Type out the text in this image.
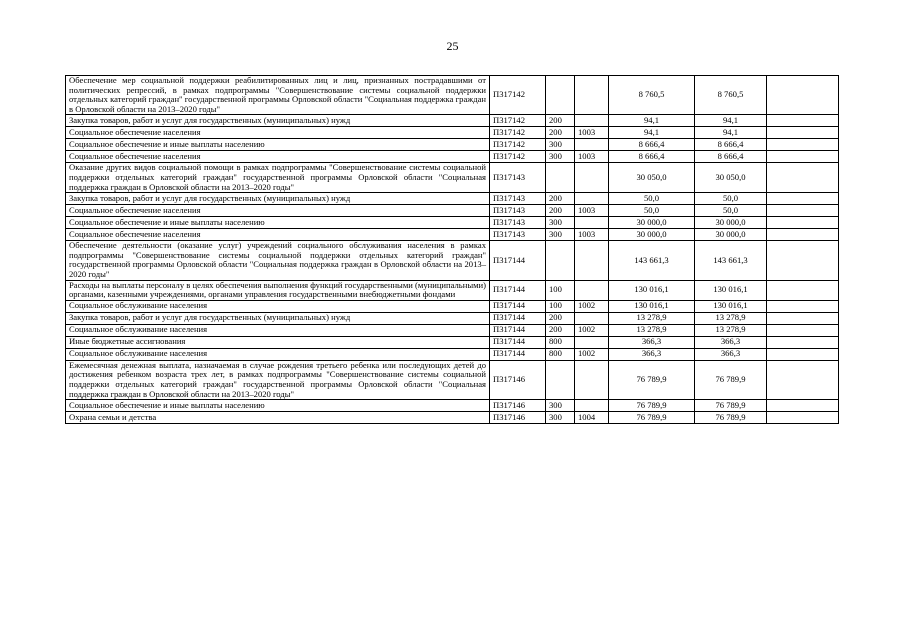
25
Обеспечение мер социальной поддержки реабилитированных лиц и лиц, признанных пострадавшими от политических репрессий, в рамках подпрограммы "Совершенствование системы социальной поддержки отдельных категорий граждан" государственной программы Орловской области "Социальная поддержка граждан в Орловской области на 2013–2020 годы"	П317142			8 760,5	8 760,5	
Закупка товаров, работ и услуг для государственных (муниципальных) нужд	П317142	200		94,1	94,1	
Социальное обеспечение населения	П317142	200	1003	94,1	94,1	
Социальное обеспечение и иные выплаты населению	П317142	300		8 666,4	8 666,4	
Социальное обеспечение населения	П317142	300	1003	8 666,4	8 666,4	
Оказание других видов социальной помощи в рамках подпрограммы "Совершенствование системы социальной поддержки отдельных категорий граждан" государственной программы Орловской области "Социальная поддержка граждан в Орловской области на 2013–2020 годы"	П317143			30 050,0	30 050,0	
Закупка товаров, работ и услуг для государственных (муниципальных) нужд	П317143	200		50,0	50,0	
Социальное обеспечение населения	П317143	200	1003	50,0	50,0	
Социальное обеспечение и иные выплаты населению	П317143	300		30 000,0	30 000,0	
Социальное обеспечение населения	П317143	300	1003	30 000,0	30 000,0	
Обеспечение деятельности (оказание услуг) учреждений социального обслуживания населения в рамках подпрограммы "Совершенствование системы социальной поддержки отдельных категорий граждан" государственной программы Орловской области "Социальная поддержка граждан в Орловской области на 2013–2020 годы"	П317144			143 661,3	143 661,3	
Расходы на выплаты персоналу в целях обеспечения выполнения функций государственными (муниципальными) органами, казенными учреждениями, органами управления государственными внебюджетными фондами	П317144	100		130 016,1	130 016,1	
Социальное обслуживание населения	П317144	100	1002	130 016,1	130 016,1	
Закупка товаров, работ и услуг для государственных (муниципальных) нужд	П317144	200		13 278,9	13 278,9	
Социальное обслуживание населения	П317144	200	1002	13 278,9	13 278,9	
Иные бюджетные ассигнования	П317144	800		366,3	366,3	
Социальное обслуживание населения	П317144	800	1002	366,3	366,3	
Ежемесячная денежная выплата, назначаемая в случае рождения третьего ребенка или последующих детей до достижения ребенком возраста трех лет, в рамках подпрограммы "Совершенствование системы социальной поддержки отдельных категорий граждан" государственной программы Орловской области "Социальная поддержка граждан в Орловской области на 2013–2020 годы"	П317146			76 789,9	76 789,9	
Социальное обеспечение и иные выплаты населению	П317146	300		76 789,9	76 789,9	
Охрана семьи и детства	П317146	300	1004	76 789,9	76 789,9	
